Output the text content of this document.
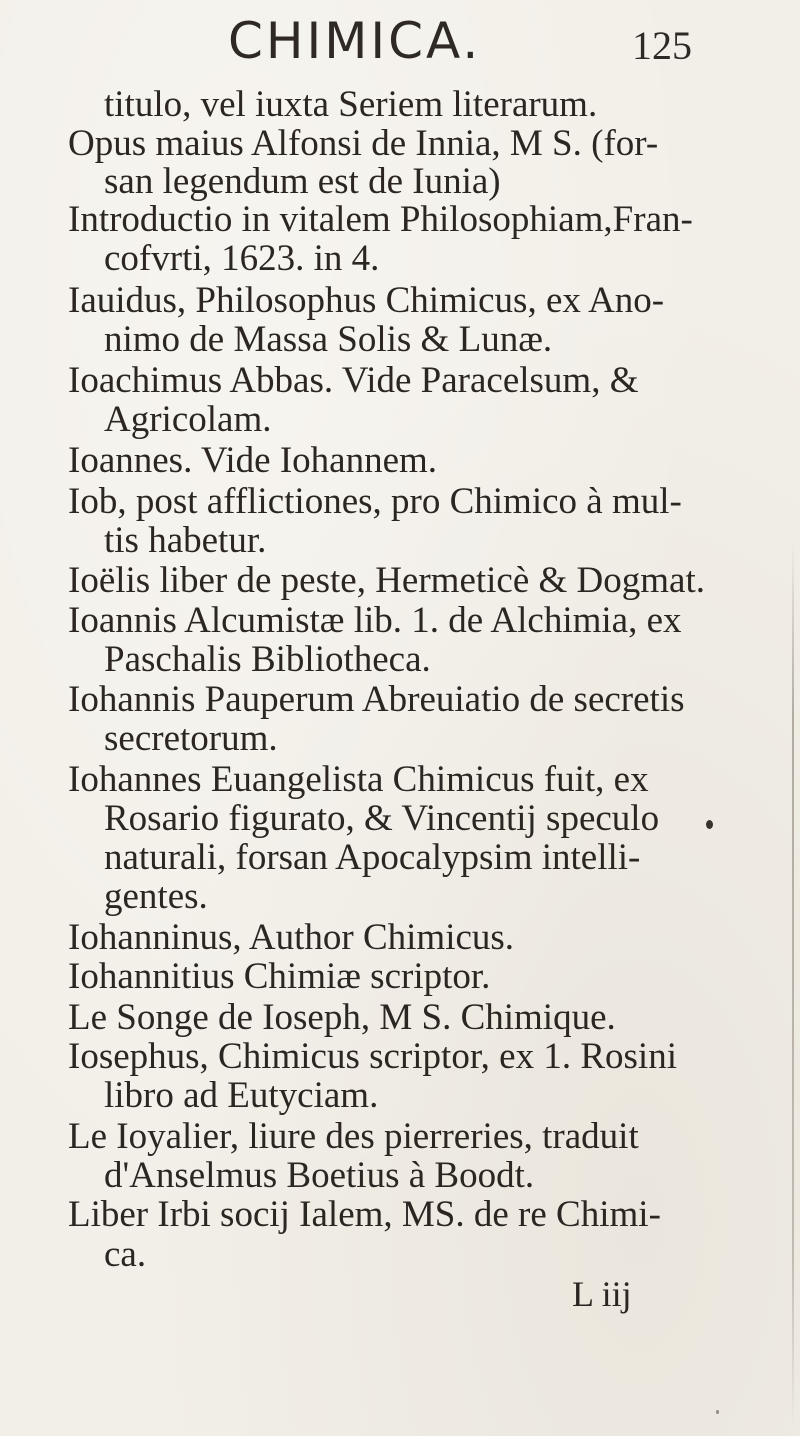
CHIMICA.	125
titulo, vel iuxta Seriem literarum.
Opus maius Alfonsi de Innia, M S. (for-
san legendum est de Iunia)
Introductio in vitalem Philosophiam,Fran-
cofvrti, 1623. in 4.
Iauidus, Philosophus Chimicus, ex Ano-
nimo de Massa Solis & Lunæ.
Ioachimus Abbas. Vide Paracelsum, &
Agricolam.
Ioannes. Vide Iohannem.
Iob, post afflictiones, pro Chimico à mul-
tis habetur.
Ioëlis liber de peste, Hermeticè & Dogmat.
Ioannis Alcumistæ lib. 1. de Alchimia, ex
Paschalis Bibliotheca.
Iohannis Pauperum Abreuiatio de secretis
secretorum.
Iohannes Euangelista Chimicus fuit, ex
Rosario figurato, & Vincentij speculo
naturali, forsan Apocalypsim intelli-
gentes.
Iohanninus, Author Chimicus.
Iohannitius Chimiæ scriptor.
Le Songe de Ioseph, M S. Chimique.
Iosephus, Chimicus scriptor, ex 1. Rosini
libro ad Eutyciam.
Le Ioyalier, liure des pierreries, traduit
d'Anselmus Boetius à Boodt.
Liber Irbi socij Ialem, MS. de re Chimi-
ca.
L iij
